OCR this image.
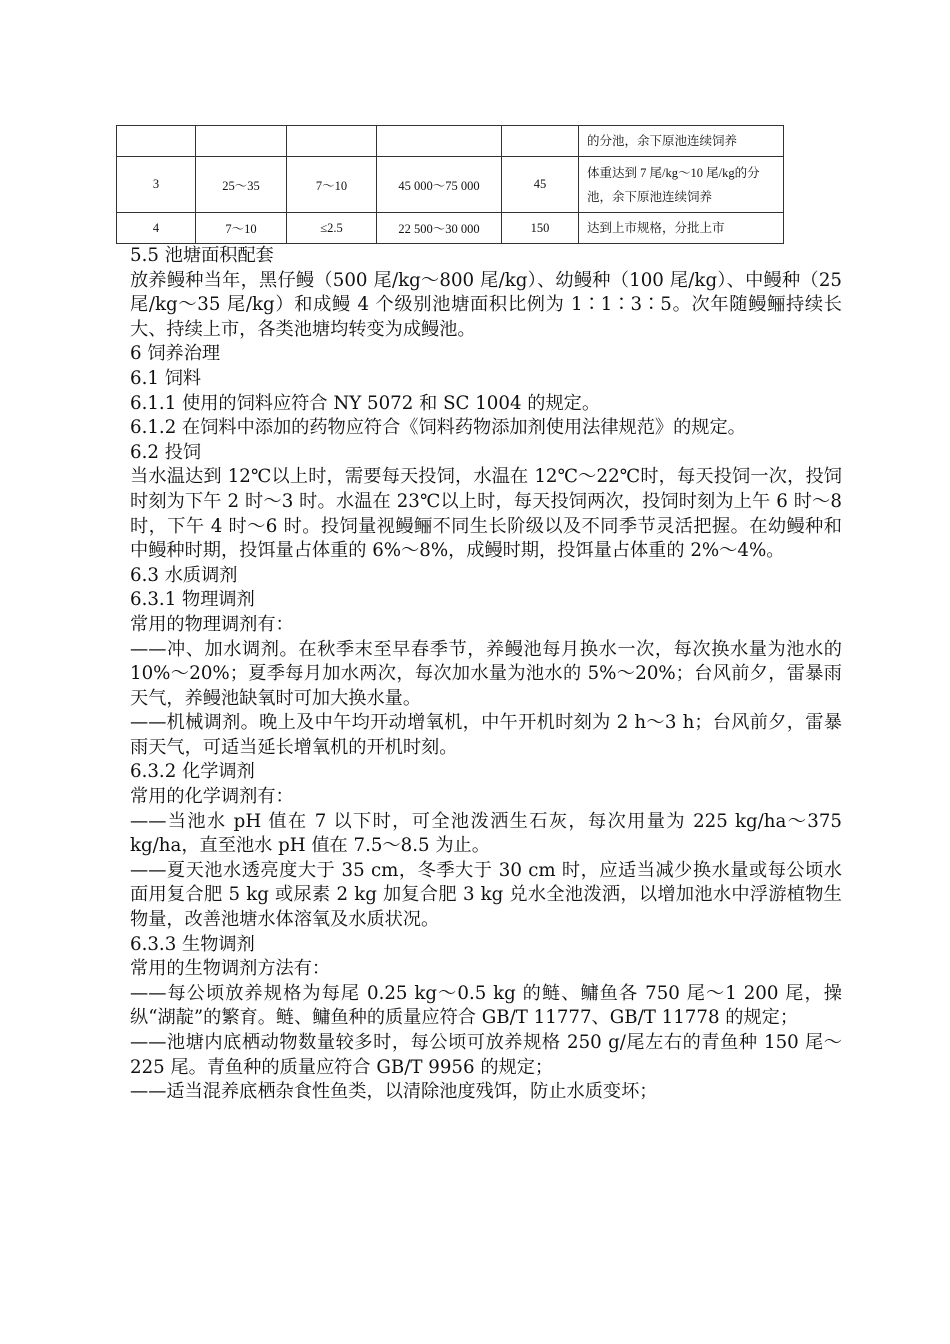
					的分池，余下原池连续饲养
3	25～35	7～10	45 000～75 000	45	体重达到 7 尾/kg～10 尾/kg的分池，余下原池连续饲养
4	7～10	≤2.5	22 500～30 000	150	达到上市规格，分批上市

5.5 池塘面积配套

放养鳗种当年，黑仔鳗（500 尾/kg～800 尾/kg）、幼鳗种（100 尾/kg）、中鳗种（25 尾/kg～35 尾/kg）和成鳗 4 个级别池塘面积比例为 1∶1∶3∶5。次年随鳗鲡持续长大、持续上市，各类池塘均转变为成鳗池。

6 饲养治理

6.1 饲料

6.1.1 使用的饲料应符合 NY 5072 和 SC 1004 的规定。

6.1.2 在饲料中添加的药物应符合《饲料药物添加剂使用法律规范》的规定。

6.2 投饲

当水温达到 12℃以上时，需要每天投饲，水温在 12℃～22℃时，每天投饲一次，投饲时刻为下午 2 时～3 时。水温在 23℃以上时，每天投饲两次，投饲时刻为上午 6 时～8 时，下午 4 时～6 时。投饲量视鳗鲡不同生长阶级以及不同季节灵活把握。在幼鳗种和中鳗种时期，投饵量占体重的 6%～8%，成鳗时期，投饵量占体重的 2%～4%。

6.3 水质调剂

6.3.1 物理调剂

常用的物理调剂有：

——冲、加水调剂。在秋季末至早春季节，养鳗池每月换水一次，每次换水量为池水的 10%～20%；夏季每月加水两次，每次加水量为池水的 5%～20%；台风前夕，雷暴雨天气，养鳗池缺氧时可加大换水量。

——机械调剂。晚上及中午均开动增氧机，中午开机时刻为 2 h～3 h；台风前夕，雷暴雨天气，可适当延长增氧机的开机时刻。

6.3.2 化学调剂

常用的化学调剂有：

——当池水 pH 值在 7 以下时，可全池泼洒生石灰，每次用量为 225 kg/ha～375 kg/ha，直至池水 pH 值在 7.5～8.5 为止。

——夏天池水透亮度大于 35 cm，冬季大于 30 cm 时，应适当减少换水量或每公顷水面用复合肥 5 kg 或尿素 2 kg 加复合肥 3 kg 兑水全池泼洒，以增加池水中浮游植物生物量，改善池塘水体溶氧及水质状况。

6.3.3 生物调剂

常用的生物调剂方法有：

——每公顷放养规格为每尾 0.25 kg～0.5 kg 的鲢、鳙鱼各 750 尾～1 200 尾，操纵“湖靛”的繁育。鲢、鳙鱼种的质量应符合 GB/T 11777、GB/T 11778 的规定；

——池塘内底栖动物数量较多时，每公顷可放养规格 250 g/尾左右的青鱼种 150 尾～225 尾。青鱼种的质量应符合 GB/T 9956 的规定；

——适当混养底栖杂食性鱼类，以清除池度残饵，防止水质变坏；
